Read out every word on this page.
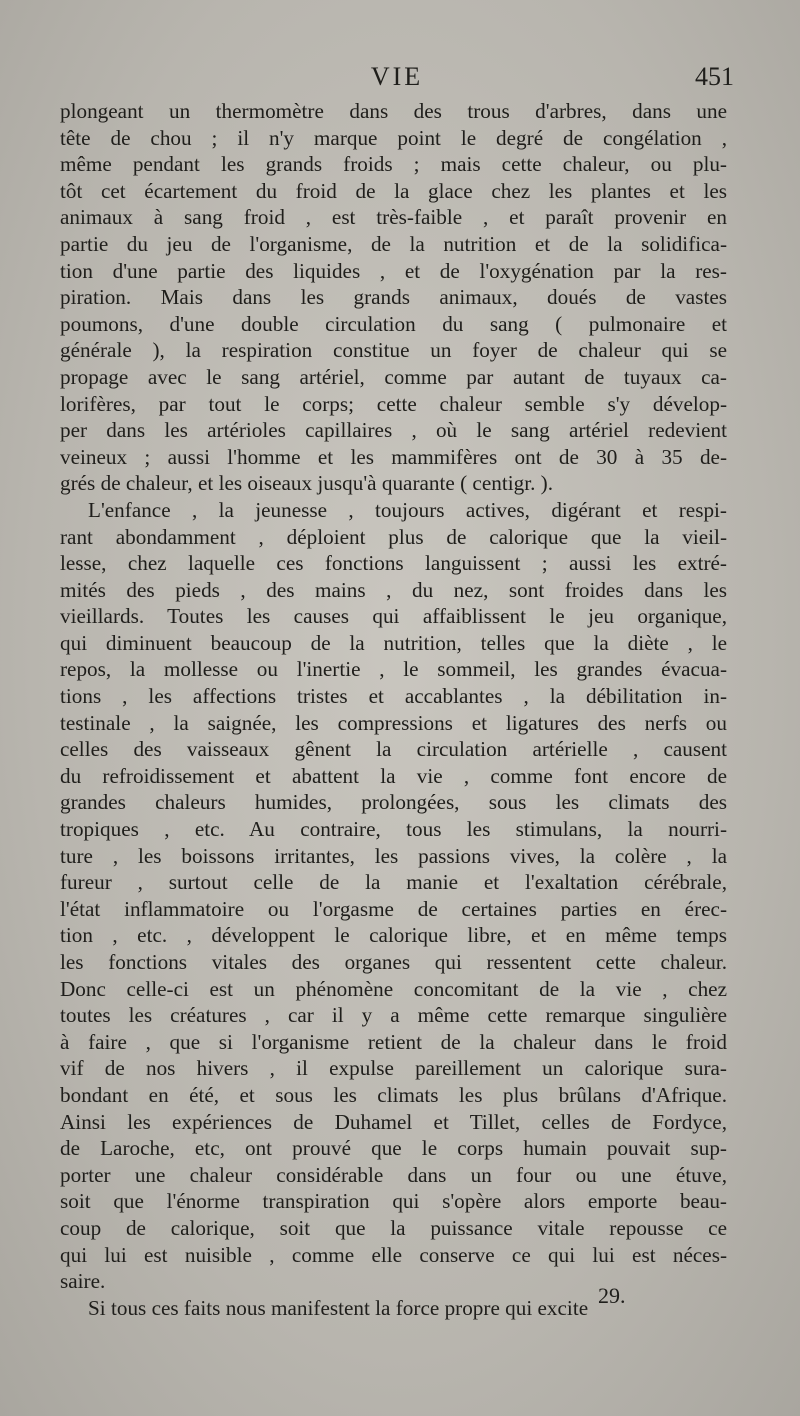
VIE	451
plongeant un thermomètre dans des trous d'arbres, dans une
tête de chou ; il n'y marque point le degré de congélation ,
même pendant les grands froids ; mais cette chaleur, ou plu-
tôt cet écartement du froid de la glace chez les plantes et les
animaux à sang froid , est très-faible , et paraît provenir en
partie du jeu de l'organisme, de la nutrition et de la solidifica-
tion d'une partie des liquides , et de l'oxygénation par la res-
piration. Mais dans les grands animaux, doués de vastes
poumons, d'une double circulation du sang ( pulmonaire et
générale ), la respiration constitue un foyer de chaleur qui se
propage avec le sang artériel, comme par autant de tuyaux ca-
lorifères, par tout le corps; cette chaleur semble s'y dévelop-
per dans les artérioles capillaires , où le sang artériel redevient
veineux ; aussi l'homme et les mammifères ont de 30 à 35 de-
grés de chaleur, et les oiseaux jusqu'à quarante ( centigr. ).
L'enfance , la jeunesse , toujours actives, digérant et respi-
rant abondamment , déploient plus de calorique que la vieil-
lesse, chez laquelle ces fonctions languissent ; aussi les extré-
mités des pieds , des mains , du nez, sont froides dans les
vieillards. Toutes les causes qui affaiblissent le jeu organique,
qui diminuent beaucoup de la nutrition, telles que la diète , le
repos, la mollesse ou l'inertie , le sommeil, les grandes évacua-
tions , les affections tristes et accablantes , la débilitation in-
testinale , la saignée, les compressions et ligatures des nerfs ou
celles des vaisseaux gênent la circulation artérielle , causent
du refroidissement et abattent la vie , comme font encore de
grandes chaleurs humides, prolongées, sous les climats des
tropiques , etc. Au contraire, tous les stimulans, la nourri-
ture , les boissons irritantes, les passions vives, la colère , la
fureur , surtout celle de la manie et l'exaltation cérébrale,
l'état inflammatoire ou l'orgasme de certaines parties en érec-
tion , etc. , développent le calorique libre, et en même temps
les fonctions vitales des organes qui ressentent cette chaleur.
Donc celle-ci est un phénomène concomitant de la vie , chez
toutes les créatures , car il y a même cette remarque singulière
à faire , que si l'organisme retient de la chaleur dans le froid
vif de nos hivers , il expulse pareillement un calorique sura-
bondant en été, et sous les climats les plus brûlans d'Afrique.
Ainsi les expériences de Duhamel et Tillet, celles de Fordyce,
de Laroche, etc, ont prouvé que le corps humain pouvait sup-
porter une chaleur considérable dans un four ou une étuve,
soit que l'énorme transpiration qui s'opère alors emporte beau-
coup de calorique, soit que la puissance vitale repousse ce
qui lui est nuisible , comme elle conserve ce qui lui est néces-
saire.
Si tous ces faits nous manifestent la force propre qui excite 29.
